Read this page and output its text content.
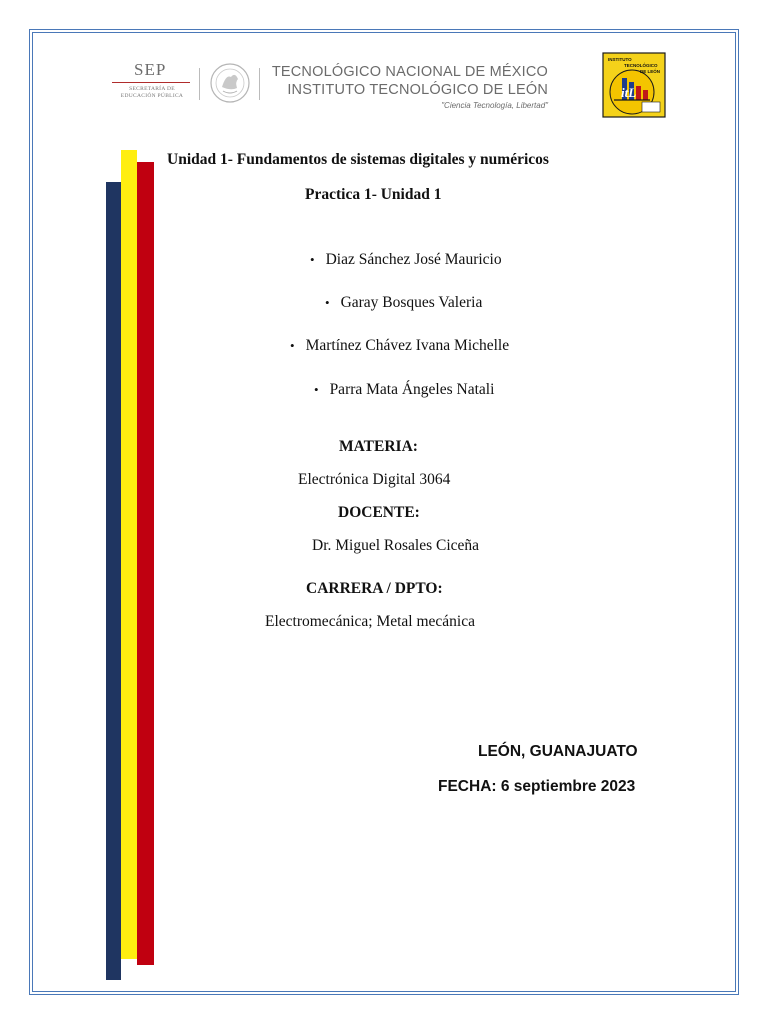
SEP
SECRETARÍA DE
EDUCACIÓN PÚBLICA
TECNOLÓGICO NACIONAL DE MÉXICO
INSTITUTO TECNOLÓGICO DE LEÓN
"Ciencia Tecnología, Libertad"
INSTITUTO
TECNOLÓGICO
DE LEÓN
itL
Unidad 1- Fundamentos de sistemas digitales y numéricos
Practica 1- Unidad 1
• Diaz Sánchez José Mauricio
• Garay Bosques Valeria
• Martínez Chávez Ivana Michelle
• Parra Mata Ángeles Natali
MATERIA:
Electrónica Digital 3064
DOCENTE:
Dr. Miguel Rosales Ciceña
CARRERA / DPTO:
Electromecánica; Metal mecánica
LEÓN, GUANAJUATO
FECHA: 6 septiembre 2023
